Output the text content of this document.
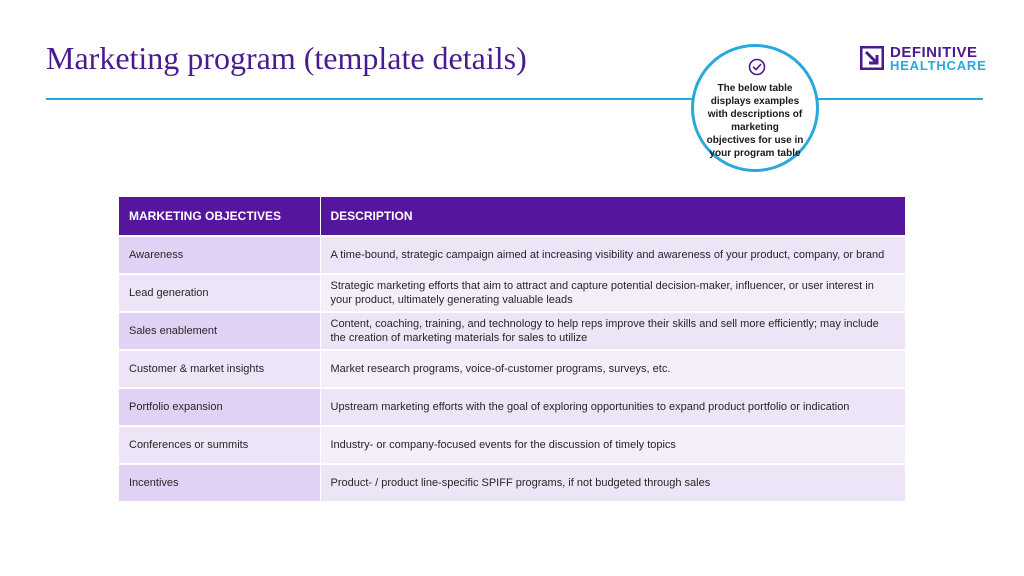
Marketing program (template details)
The below table displays examples with descriptions of marketing objectives for use in your program table
DEFINITIVE
HEALTHCARE
MARKETING OBJECTIVES	DESCRIPTION
Awareness	A time-bound, strategic campaign aimed at increasing visibility and awareness of your product, company, or brand
Lead generation	Strategic marketing efforts that aim to attract and capture potential decision-maker, influencer, or user interest in your product, ultimately generating valuable leads
Sales enablement	Content, coaching, training, and technology to help reps improve their skills and sell more efficiently; may include the creation of marketing materials for sales to utilize
Customer & market insights	Market research programs, voice-of-customer programs, surveys, etc.
Portfolio expansion	Upstream marketing efforts with the goal of exploring opportunities to expand product portfolio or indication
Conferences or summits	Industry- or company-focused events for the discussion of timely topics
Incentives	Product- / product line-specific SPIFF programs, if not budgeted through sales
